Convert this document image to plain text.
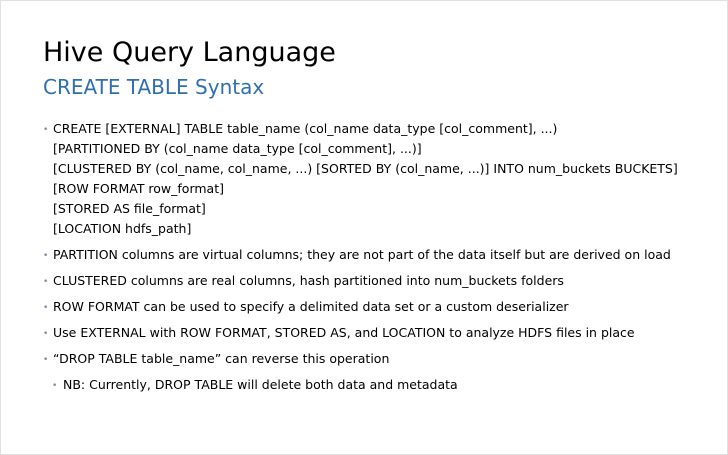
Hive Query Language
CREATE TABLE Syntax
• CREATE [EXTERNAL] TABLE table_name (col_name data_type [col_comment], ...)
[PARTITIONED BY (col_name data_type [col_comment], ...)]
[CLUSTERED BY (col_name, col_name, ...) [SORTED BY (col_name, ...)] INTO num_buckets BUCKETS]
[ROW FORMAT row_format]
[STORED AS file_format]
[LOCATION hdfs_path]
• PARTITION columns are virtual columns; they are not part of the data itself but are derived on load
• CLUSTERED columns are real columns, hash partitioned into num_buckets folders
• ROW FORMAT can be used to specify a delimited data set or a custom deserializer
• Use EXTERNAL with ROW FORMAT, STORED AS, and LOCATION to analyze HDFS files in place
• “DROP TABLE table_name” can reverse this operation
• NB: Currently, DROP TABLE will delete both data and metadata
